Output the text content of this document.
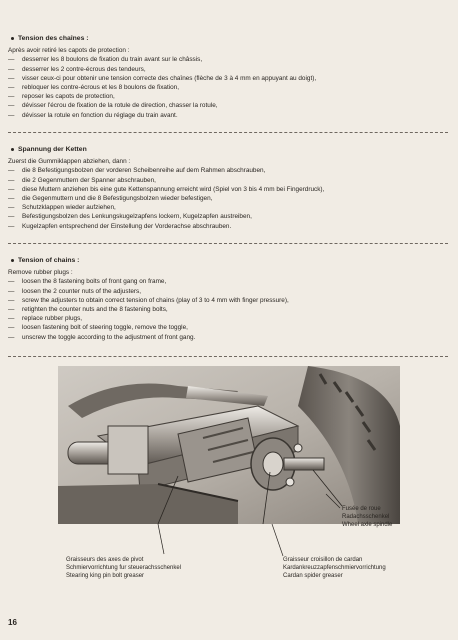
Tension des chaînes :

Après avoir retiré les capots de protection :

—	desserrer les 8 boulons de fixation du train avant sur le châssis,
—	desserrer les 2 contre-écrous des tendeurs,
—	visser ceux-ci pour obtenir une tension correcte des chaînes (flèche de 3 à 4 mm en appuyant au doigt),
—	rebloquer les contre-écrous et les 8 boulons de fixation,
—	reposer les capots de protection,
—	dévisser l'écrou de fixation de la rotule de direction, chasser la rotule,
—	dévisser la rotule en fonction du réglage du train avant.
Spannung der Ketten

Zuerst die Gummiklappen abziehen, dann :

—	die 8 Befestigungsbolzen der vorderen Scheibenreihe auf dem Rahmen abschrauben,
—	die 2 Gegenmuttern der Spanner abschrauben,
—	diese Muttern anziehen bis eine gute Kettenspannung erreicht wird (Spiel von 3 bis 4 mm bei Fingerdruck),
—	die Gegenmuttern und die 8 Befestigungsbolzen wieder befestigen,
—	Schutzklappen wieder aufziehen,
—	Befestigungsbolzen des Lenkungskugelzapfens lockern, Kugelzapfen austreiben,
—	Kugelzapfen entsprechend der Einstellung der Vorderachse abschrauben.
Tension of chains :

Remove rubber plugs :

—	loosen the 8 fastening bolts of front gang on frame,
—	loosen the 2 counter nuts of the adjusters,
—	screw the adjusters to obtain correct tension of chains (play of 3 to 4 mm with finger pressure),
—	retighten the counter nuts and the 8 fastening bolts,
—	replace rubber plugs,
—	loosen fastening bolt of steering toggle, remove the toggle,
—	unscrew the toggle according to the adjustment of front gang.
Fusée de roue
Radachsschenkel
Wheel axle spindle
Graisseurs des axes de pivot
Schmiervorrichtung fur steuerachsschenkel
Stearing king pin bolt greaser
Graisseur croisillon de cardan
Kardankreuzzapfenschmiervorrichtung
Cardan spider greaser
16
